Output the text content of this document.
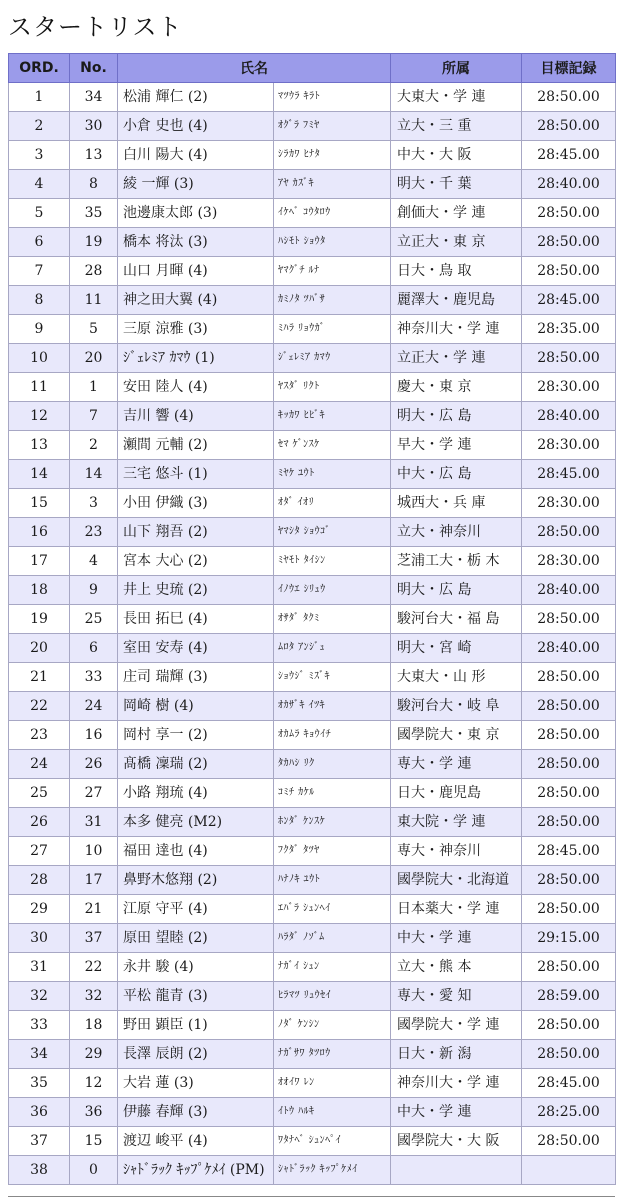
スタートリスト
ORD.	No.	氏名		所属	目標記録
1	34	松浦 輝仁 (2)	ﾏﾂｳﾗ ｷﾗﾄ	大東大・学 連	28:50.00
2	30	小倉 史也 (4)	ｵｸﾞﾗ ﾌﾐﾔ	立大・三 重	28:50.00
3	13	白川 陽大 (4)	ｼﾗｶﾜ ﾋﾅﾀ	中大・大 阪	28:45.00
4	8	綾 一輝 (3)	ｱﾔ ｶｽﾞｷ	明大・千 葉	28:40.00
5	35	池邊康太郎 (3)	ｲｹﾍﾞ ｺｳﾀﾛｳ	創価大・学 連	28:50.00
6	19	橋本 将汰 (3)	ﾊｼﾓﾄ ｼｮｳﾀ	立正大・東 京	28:50.00
7	28	山口 月暉 (4)	ﾔﾏｸﾞﾁ ﾙﾅ	日大・鳥 取	28:50.00
8	11	神之田大翼 (4)	ｶﾐﾉﾀ ﾂﾊﾞｻ	麗澤大・鹿児島	28:45.00
9	5	三原 涼雅 (3)	ﾐﾊﾗ ﾘｮｳｶﾞ	神奈川大・学 連	28:35.00
10	20	ｼﾞｪﾚﾐｱ ｶﾏｳ (1)	ｼﾞｪﾚﾐｱ ｶﾏｳ	立正大・学 連	28:50.00
11	1	安田 陸人 (4)	ﾔｽﾀﾞ ﾘｸﾄ	慶大・東 京	28:30.00
12	7	吉川 響 (4)	ｷｯｶﾜ ﾋﾋﾞｷ	明大・広 島	28:40.00
13	2	瀬間 元輔 (2)	ｾﾏ ｹﾞﾝｽｹ	早大・学 連	28:30.00
14	14	三宅 悠斗 (1)	ﾐﾔｹ ﾕｳﾄ	中大・広 島	28:45.00
15	3	小田 伊織 (3)	ｵﾀﾞ ｲｵﾘ	城西大・兵 庫	28:30.00
16	23	山下 翔吾 (2)	ﾔﾏｼﾀ ｼｮｳｺﾞ	立大・神奈川	28:50.00
17	4	宮本 大心 (2)	ﾐﾔﾓﾄ ﾀｲｼﾝ	芝浦工大・栃 木	28:30.00
18	9	井上 史琉 (2)	ｲﾉｳｴ ｼﾘｭｳ	明大・広 島	28:40.00
19	25	長田 拓巳 (4)	ｵｻﾀﾞ ﾀｸﾐ	駿河台大・福 島	28:50.00
20	6	室田 安寿 (4)	ﾑﾛﾀ ｱﾝｼﾞｭ	明大・宮 崎	28:40.00
21	33	庄司 瑞輝 (3)	ｼｮｳｼﾞ ﾐｽﾞｷ	大東大・山 形	28:50.00
22	24	岡崎 樹 (4)	ｵｶｻﾞｷ ｲﾂｷ	駿河台大・岐 阜	28:50.00
23	16	岡村 享一 (2)	ｵｶﾑﾗ ｷｮｳｲﾁ	國學院大・東 京	28:50.00
24	26	髙橋 凜瑞 (2)	ﾀｶﾊｼ ﾘｸ	専大・学 連	28:50.00
25	27	小路 翔琉 (4)	ｺﾐﾁ ｶｹﾙ	日大・鹿児島	28:50.00
26	31	本多 健亮 (M2)	ﾎﾝﾀﾞ ｹﾝｽｹ	東大院・学 連	28:50.00
27	10	福田 達也 (4)	ﾌｸﾀﾞ ﾀﾂﾔ	専大・神奈川	28:45.00
28	17	鼻野木悠翔 (2)	ﾊﾅﾉｷ ﾕｳﾄ	國學院大・北海道	28:50.00
29	21	江原 守平 (4)	ｴﾊﾞﾗ ｼｭﾝﾍｲ	日本薬大・学 連	28:50.00
30	37	原田 望睦 (2)	ﾊﾗﾀﾞ ﾉｿﾞﾑ	中大・学 連	29:15.00
31	22	永井 駿 (4)	ﾅｶﾞｲ ｼｭﾝ	立大・熊 本	28:50.00
32	32	平松 龍青 (3)	ﾋﾗﾏﾂ ﾘｭｳｾｲ	専大・愛 知	28:59.00
33	18	野田 顕臣 (1)	ﾉﾀﾞ ｹﾝｼﾝ	國學院大・学 連	28:50.00
34	29	長澤 辰朗 (2)	ﾅｶﾞｻﾜ ﾀﾂﾛｳ	日大・新 潟	28:50.00
35	12	大岩 蓮 (3)	ｵｵｲﾜ ﾚﾝ	神奈川大・学 連	28:45.00
36	36	伊藤 春輝 (3)	ｲﾄｳ ﾊﾙｷ	中大・学 連	28:25.00
37	15	渡辺 峻平 (4)	ﾜﾀﾅﾍﾞ ｼｭﾝﾍﾟｲ	國學院大・大 阪	28:50.00
38	0	ｼｬﾄﾞﾗｯｸ ｷｯﾌﾟｹﾒｲ (PM)	ｼｬﾄﾞﾗｯｸ ｷｯﾌﾟｹﾒｲ		
